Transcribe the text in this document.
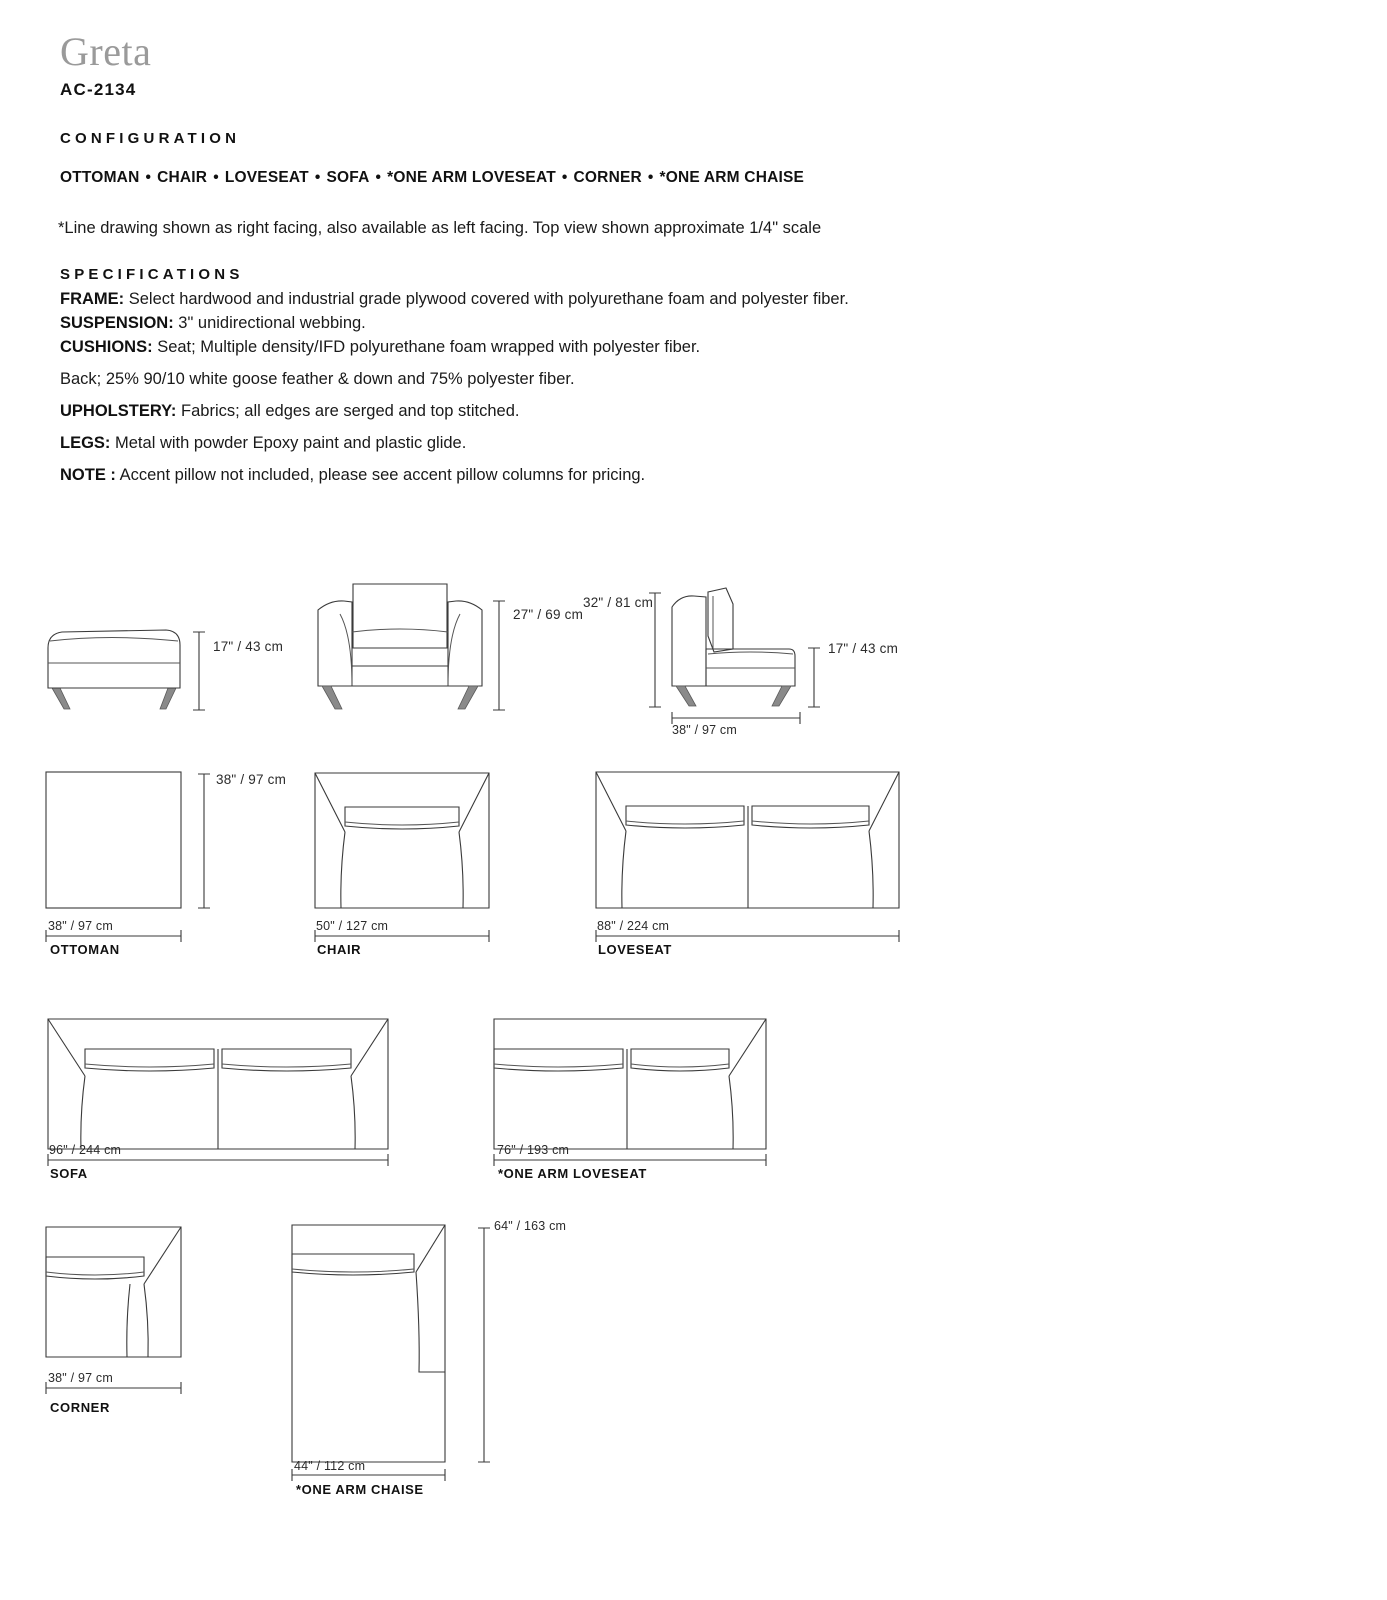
Greta
AC-2134
CONFIGURATION
OTTOMAN • CHAIR • LOVESEAT • SOFA • *ONE ARM LOVESEAT • CORNER • *ONE ARM CHAISE
*Line drawing shown as right facing, also available as left facing. Top view shown approximate 1/4" scale
SPECIFICATIONS
FRAME: Select hardwood and industrial grade plywood covered with polyurethane foam and polyester fiber.
SUSPENSION: 3" unidirectional webbing.
CUSHIONS: Seat; Multiple density/IFD polyurethane foam wrapped with polyester fiber.
Back; 25% 90/10 white goose feather & down and 75% polyester fiber.
UPHOLSTERY: Fabrics; all edges are serged and top stitched.
LEGS: Metal with powder Epoxy paint and plastic glide.
NOTE : Accent pillow not included, please see accent pillow columns for pricing.
17" / 43 cm
27" / 69 cm
32" / 81 cm
17" / 43 cm
38" / 97 cm
38" / 97 cm
38" / 97 cm	50" / 127 cm	88" / 224 cm
96" / 244 cm	76" / 193 cm
38" / 97 cm
64" / 163 cm
44" / 112 cm
OTTOMAN	CHAIR	LOVESEAT
SOFA	*ONE ARM LOVESEAT
CORNER
*ONE ARM CHAISE
